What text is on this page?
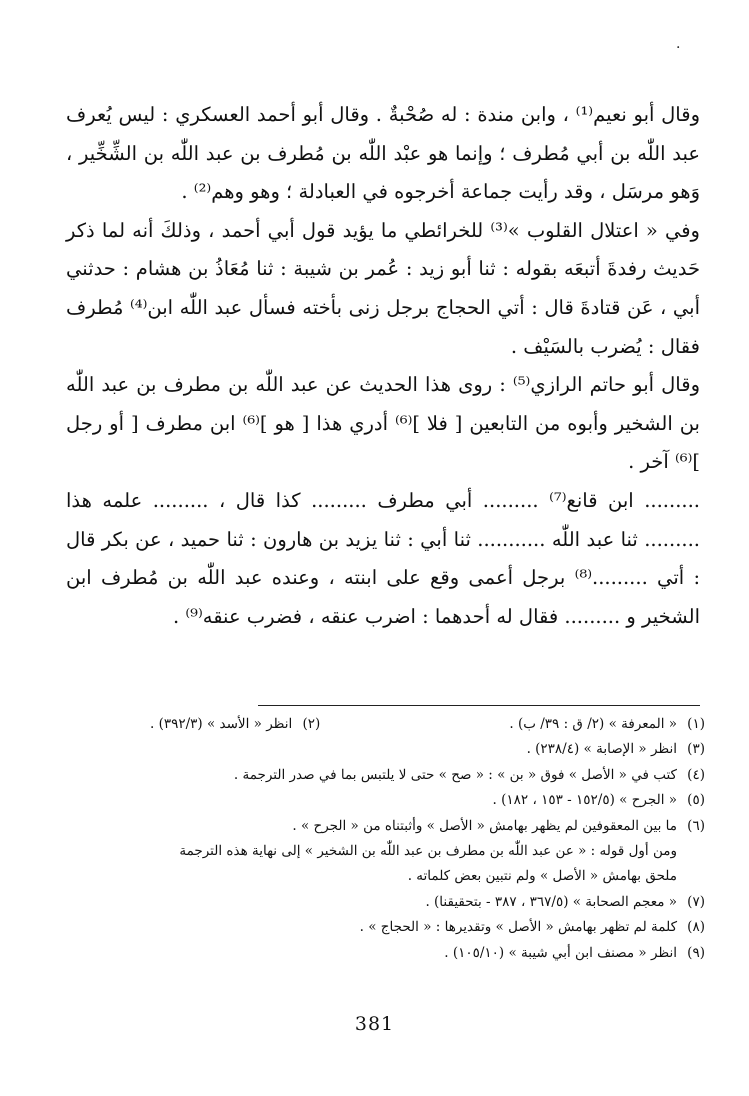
·

وقال أبو نعيم⁽¹⁾ ، وابن مندة : له صُحْبةٌ . وقال أبو أحمد العسكري : ليس يُعرف عبد اللّٰه بن أبي مُطرف ؛ وإنما هو عبْد اللّٰه بن مُطرف بن عبد اللّٰه بن الشِّخِّير ، وَهو مرسَل ، وقد رأيت جماعة أخرجوه في العبادلة ؛ وهو وهم⁽²⁾ .

وفي « اعتلال القلوب »⁽³⁾ للخرائطي ما يؤيد قول أبي أحمد ، وذلكَ أنه لما ذكر حَديث رفدةَ أتبعَه بقوله : ثنا أبو زيد : عُمر بن شيبة : ثنا مُعَاذُ بن هشام : حدثني أبي ، عَن قتادةَ قال : أتي الحجاج برجل زنى بأخته فسأل عبد اللّٰه ابن⁽⁴⁾ مُطرف فقال : يُضرب بالسَيْف .

وقال أبو حاتم الرازي⁽⁵⁾ : روى هذا الحديث عن عبد اللّٰه بن مطرف بن عبد اللّٰه بن الشخير وأبوه من التابعين [ فلا ]⁽⁶⁾ أدري هذا [ هو ]⁽⁶⁾ ابن مطرف [ أو رجل ]⁽⁶⁾ آخر .

......... ابن قانع⁽⁷⁾ ......... أبي مطرف ......... كذا قال ، ......... علمه هذا ......... ثنا عبد اللّٰه ........... ثنا أبي : ثنا يزيد بن هارون : ثنا حميد ، عن بكر قال : أتي .........⁽⁸⁾ برجل أعمى وقع على ابنته ، وعنده عبد اللّٰه بن مُطرف ابن الشخير و ......... فقال له أحدهما : اضرب عنقه ، فضرب عنقه⁽⁹⁾ .

(١)
« المعرفة » (٢/ ق : ٣٩/ ب) .
(٢)
انظر « الأسد » (٣٩٢/٣) .
(٣)
انظر « الإصابة » (٢٣٨/٤) .
(٤)
كتب في « الأصل » فوق « بن » : « صح » حتى لا يلتبس بما في صدر الترجمة .
(٥)
« الجرح » (١٥٢/٥ - ١٥٣ ، ١٨٢) .
(٦)
ما بين المعقوفين لم يظهر بهامش « الأصل » وأثبتناه من « الجرح » .
ومن أول قوله : « عن عبد اللّٰه بن مطرف بن عبد اللّٰه بن الشخير » إلى نهاية هذه الترجمة
ملحق بهامش « الأصل » ولم نتبين بعض كلماته .
(٧)
« معجم الصحابة » (٣٦٧/٥ ، ٣٨٧ - بتحقيقنا) .
(٨)
كلمة لم تظهر بهامش « الأصل » وتقديرها : « الحجاج » .
(٩)
انظر « مصنف ابن أبي شيبة » (١٠٥/١٠) .
381
